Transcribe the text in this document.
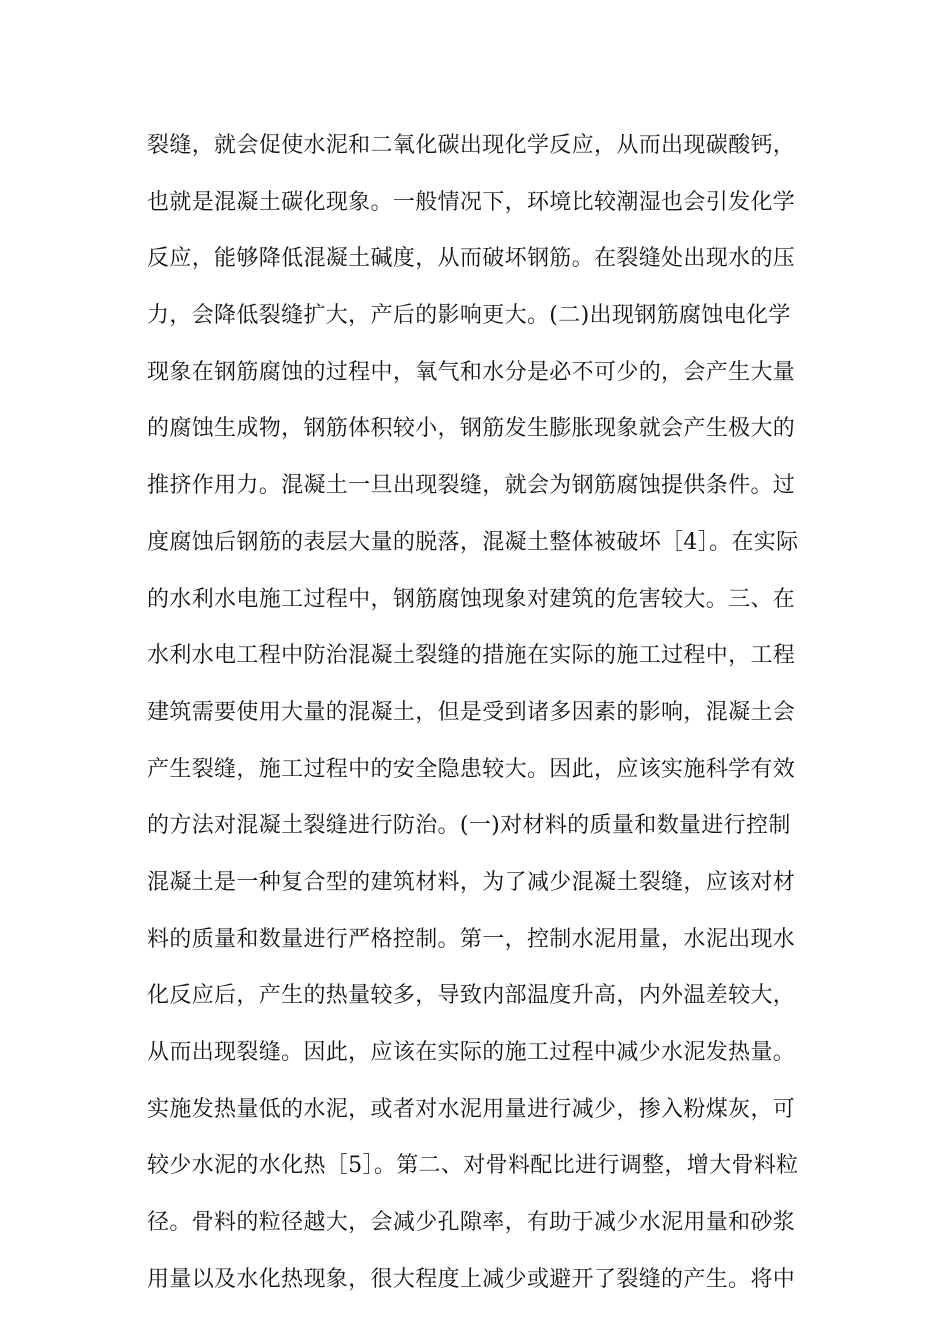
裂缝，就会促使水泥和二氧化碳出现化学反应，从而出现碳酸钙，
也就是混凝土碳化现象。一般情况下，环境比较潮湿也会引发化学
反应，能够降低混凝土碱度，从而破坏钢筋。在裂缝处出现水的压
力，会降低裂缝扩大，产后的影响更大。(二)出现钢筋腐蚀电化学
现象在钢筋腐蚀的过程中，氧气和水分是必不可少的，会产生大量
的腐蚀生成物，钢筋体积较小，钢筋发生膨胀现象就会产生极大的
推挤作用力。混凝土一旦出现裂缝，就会为钢筋腐蚀提供条件。过
度腐蚀后钢筋的表层大量的脱落，混凝土整体被破坏［4］。在实际
的水利水电施工过程中，钢筋腐蚀现象对建筑的危害较大。三、在
水利水电工程中防治混凝土裂缝的措施在实际的施工过程中，工程
建筑需要使用大量的混凝土，但是受到诸多因素的影响，混凝土会
产生裂缝，施工过程中的安全隐患较大。因此，应该实施科学有效
的方法对混凝土裂缝进行防治。(一)对材料的质量和数量进行控制
混凝土是一种复合型的建筑材料，为了减少混凝土裂缝，应该对材
料的质量和数量进行严格控制。第一，控制水泥用量，水泥出现水
化反应后，产生的热量较多，导致内部温度升高，内外温差较大，
从而出现裂缝。因此，应该在实际的施工过程中减少水泥发热量。
实施发热量低的水泥，或者对水泥用量进行减少，掺入粉煤灰，可
较少水泥的水化热［5］。第二、对骨料配比进行调整，增大骨料粒
径。骨料的粒径越大，会减少孔隙率，有助于减少水泥用量和砂浆
用量以及水化热现象，很大程度上减少或避开了裂缝的产生。将中
